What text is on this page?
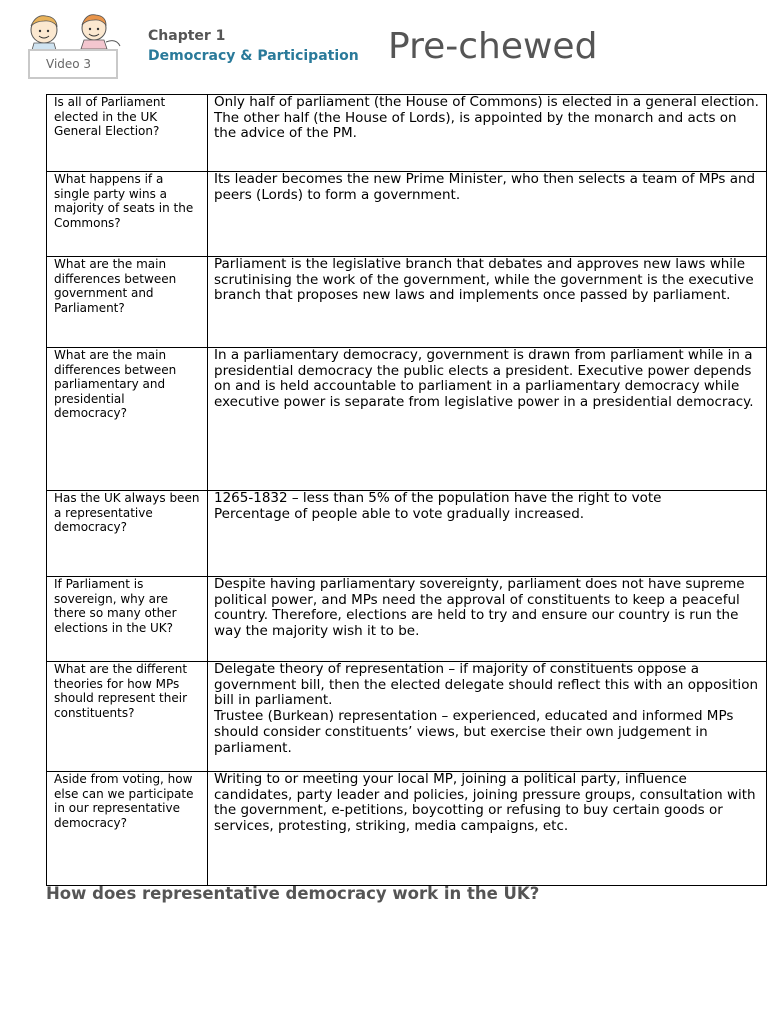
Video 3
Chapter 1
Democracy & Participation Pre-chewed
Is all of Parliament elected in the UK General Election?	Only half of parliament (the House of Commons) is elected in a general election. The other half (the House of Lords), is appointed by the monarch and acts on the advice of the PM.
What happens if a single party wins a majority of seats in the Commons?	Its leader becomes the new Prime Minister, who then selects a team of MPs and peers (Lords) to form a government.
What are the main differences between government and Parliament?	Parliament is the legislative branch that debates and approves new laws while scrutinising the work of the government, while the government is the executive branch that proposes new laws and implements once passed by parliament.
What are the main differences between parliamentary and presidential democracy?	In a parliamentary democracy, government is drawn from parliament while in a presidential democracy the public elects a president. Executive power depends on and is held accountable to parliament in a parliamentary democracy while executive power is separate from legislative power in a presidential democracy.
Has the UK always been a representative democracy?	1265-1832 – less than 5% of the population have the right to vote
Percentage of people able to vote gradually increased.

If Parliament is sovereign, why are there so many other elections in the UK?	Despite having parliamentary sovereignty, parliament does not have supreme political power, and MPs need the approval of constituents to keep a peaceful country. Therefore, elections are held to try and ensure our country is run the way the majority wish it to be.
What are the different theories for how MPs should represent their constituents?	Delegate theory of representation – if majority of constituents oppose a government bill, then the elected delegate should reflect this with an opposition bill in parliament.
Trustee (Burkean) representation – experienced, educated and informed MPs should consider constituents’ views, but exercise their own judgement in parliament.

Aside from voting, how else can we participate in our representative democracy?	Writing to or meeting your local MP, joining a political party, influence candidates, party leader and policies, joining pressure groups, consultation with the government, e-petitions, boycotting or refusing to buy certain goods or services, protesting, striking, media campaigns, etc.
How does representative democracy work in the UK?
